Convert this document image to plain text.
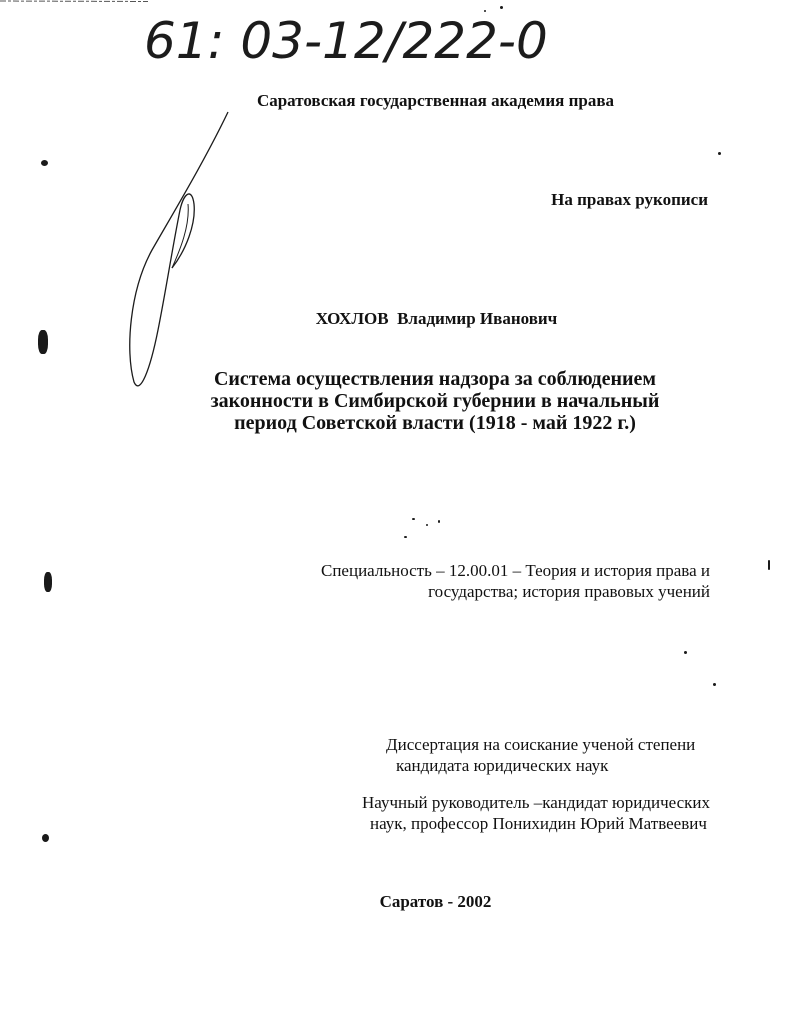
61: 03-12/222-0
Саратовская государственная академия права
На правах рукописи
ХОХЛОВ Владимир Иванович
Система осуществления надзора за соблюдением законности в Симбирской губернии в начальный период Советской власти (1918 - май 1922 г.)

Специальность – 12.00.01 – Теория и история права и

государства; история правовых учений

Диссертация на соискание ученой степени

кандидата юридических наук

Научный руководитель –кандидат юридических

наук, профессор Понихидин Юрий Матвеевич

Саратов - 2002
